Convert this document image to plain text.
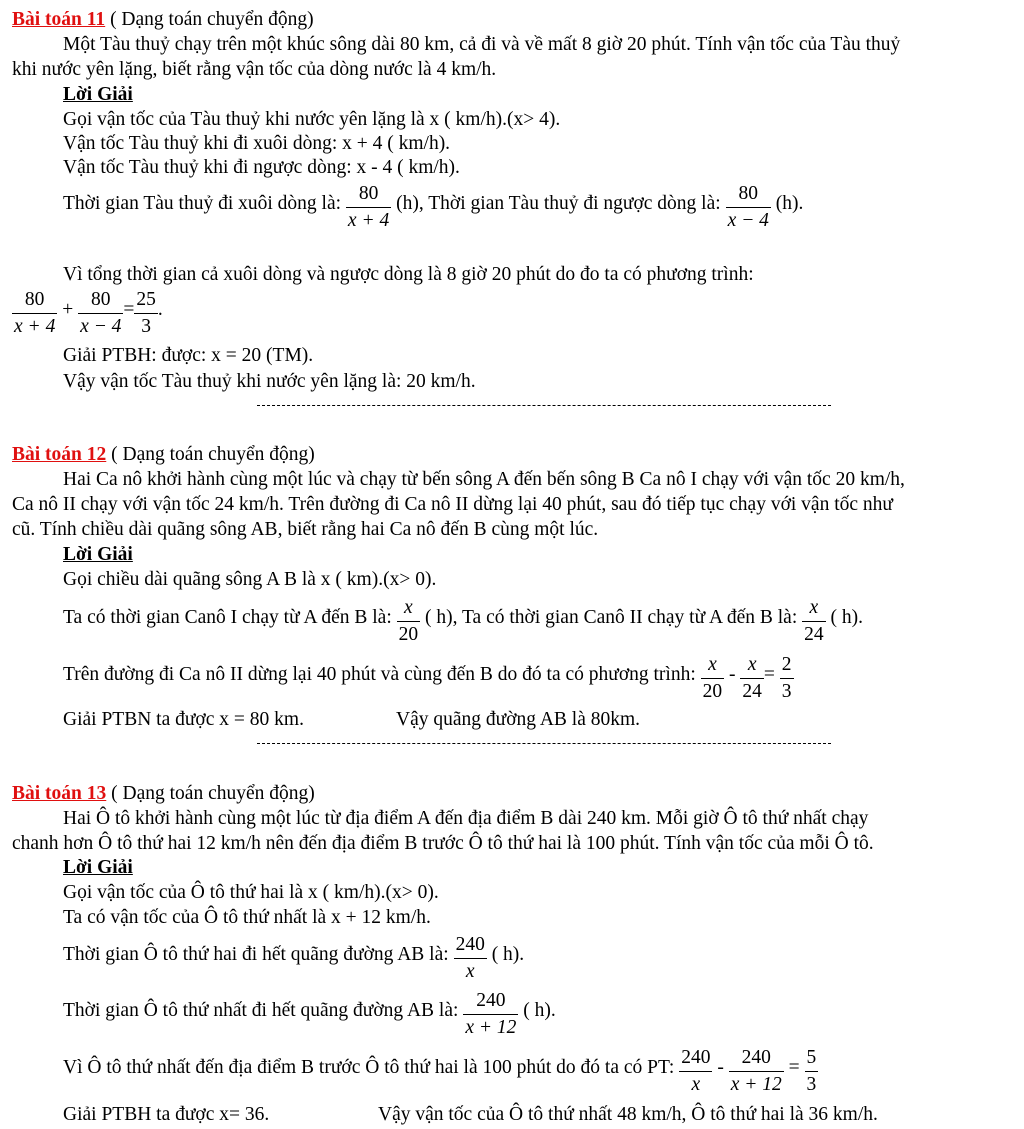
Bài toán 11 ( Dạng toán chuyển động)
Một Tàu thuỷ chạy trên một khúc sông dài 80 km, cả đi và về mất 8 giờ 20 phút. Tính vận tốc của Tàu thuỷ
khi nước yên lặng, biết rằng vận tốc của dòng nước là 4 km/h.
Lời Giải
Gọi vận tốc của Tàu thuỷ khi nước yên lặng là x ( km/h).(x> 4).
Vận tốc Tàu thuỷ khi đi xuôi dòng: x + 4 ( km/h).
Vận tốc Tàu thuỷ khi đi ngược dòng: x - 4 ( km/h).
Thời gian Tàu thuỷ đi xuôi dòng là: $\frac{80}{x + 4} (h)$, Thời gian Tàu thuỷ đi ngược dòng là: $\frac{80}{x - 4} (h)$.
Vì tổng thời gian cả xuôi dòng và ngược dòng là 8 giờ 20 phút do đo ta có phương trình:
$\frac{80}{x + 4} + \frac{80}{x - 4} = \frac{25}{3}$ .
Giải PTBH: được: x = 20 (TM).
Vậy vận tốc Tàu thuỷ khi nước yên lặng là: 20 km/h.
Bài toán 12 ( Dạng toán chuyển động)
Hai Ca nô khởi hành cùng một lúc và chạy từ bến sông A đến bến sông B Ca nô I chạy với vận tốc 20 km/h,
Ca nô II chạy với vận tốc 24 km/h. Trên đường đi Ca nô II dừng lại 40 phút, sau đó tiếp tục chạy với vận tốc như
cũ. Tính chiều dài quãng sông AB, biết rằng hai Ca nô đến B cùng một lúc.
Lời Giải
Gọi chiều dài quãng sông A B là x ( km).(x> 0).
Ta có thời gian Canô I chạy từ A đến B là: $\frac{x}{20}$ ( h), Ta có thời gian Canô II chạy từ A đến B là: $\frac{x}{24}$ ( h).
Trên đường đi Ca nô II dừng lại 40 phút và cùng đến B do đó ta có phương trình: $\frac{x}{20} - \frac{x}{24} = \frac{2}{3}$
Giải PTBN ta được x = 80 km.	Vậy quãng đường AB là 80km.
Bài toán 13 ( Dạng toán chuyển động)
Hai Ô tô khởi hành cùng một lúc từ địa điểm A đến địa điểm B dài 240 km. Mỗi giờ Ô tô thứ nhất chạy
chanh hơn Ô tô thứ hai 12 km/h nên đến địa điểm B trước Ô tô thứ hai là 100 phút. Tính vận tốc của mỗi Ô tô.
Lời Giải
Gọi vận tốc của Ô tô thứ hai là x ( km/h).(x> 0).
Ta có vận tốc của Ô tô thứ nhất là x + 12 km/h.
Thời gian Ô tô thứ hai đi hết quãng đường AB là: $\frac{240}{x}$ ( h).
Thời gian Ô tô thứ nhất đi hết quãng đường AB là: $\frac{240}{x + 12}$ ( h).
Vì Ô tô thứ nhất đến địa điểm B trước Ô tô thứ hai là 100 phút do đó ta có PT: $\frac{240}{x} - \frac{240}{x + 12} = \frac{5}{3}$
Giải PTBH ta được x= 36.	Vậy vận tốc của Ô tô thứ nhất 48 km/h, Ô tô thứ hai là 36 km/h.
